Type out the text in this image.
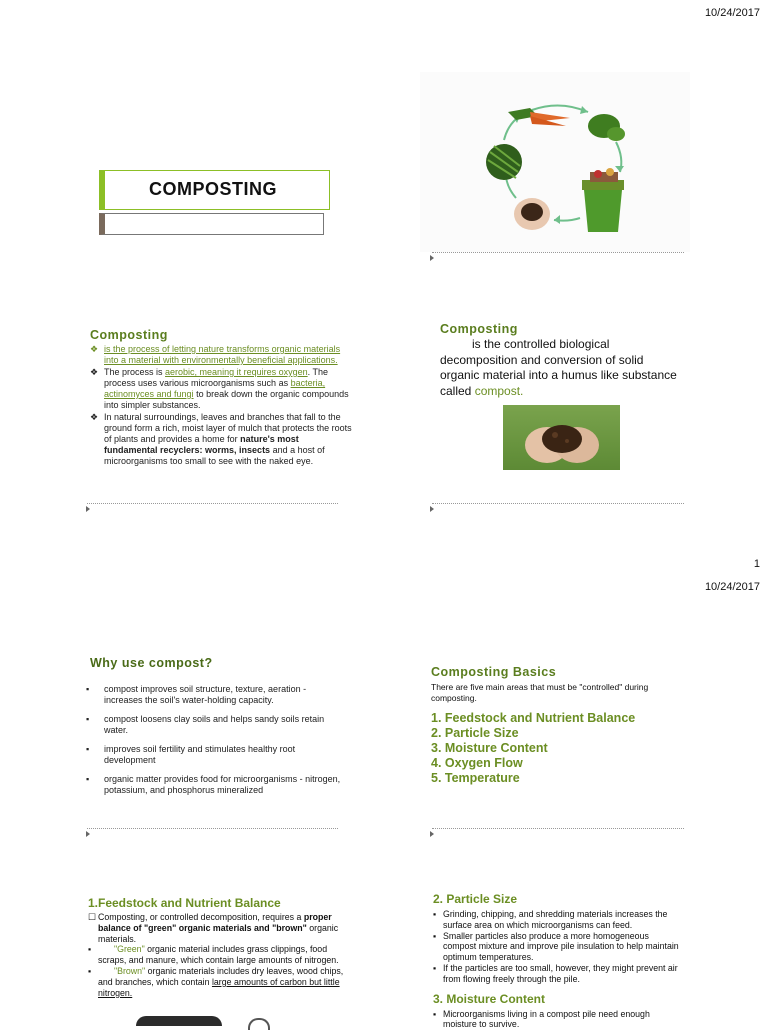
10/24/2017
COMPOSTING
Composting
❖ is the process of letting nature transforms organic materials into a material with environmentally beneficial applications.
❖ The process is aerobic, meaning it requires oxygen. The process uses various microorganisms such as bacteria, actinomyces and fungi to break down the organic compounds into simpler substances.
❖ In natural surroundings, leaves and branches that fall to the ground form a rich, moist layer of mulch that protects the roots of plants and provides a home for nature's most fundamental recyclers: worms, insects and a host of microorganisms too small to see with the naked eye.
Composting
is the controlled biological decomposition and conversion of solid organic material into a humus like substance called compost.
1
10/24/2017
Why use compost?
▪ compost improves soil structure, texture, aeration - increases the soil's water-holding capacity.
▪ compost loosens clay soils and helps sandy soils retain water.
▪ improves soil fertility and stimulates healthy root development
▪ organic matter provides food for microorganisms - nitrogen, potassium, and phosphorus mineralized
Composting Basics
There are five main areas that must be "controlled" during composting.
1. Feedstock and Nutrient Balance
2. Particle Size
3. Moisture Content
4. Oxygen Flow
5. Temperature
1.Feedstock and Nutrient Balance
☐ Composting, or controlled decomposition, requires a proper balance of "green" organic materials and "brown" organic materials.
▪	"Green" organic material includes grass clippings, food scraps, and manure, which contain large amounts of nitrogen.
▪	"Brown" organic materials includes dry leaves, wood chips, and branches, which contain large amounts of carbon but little nitrogen.
2. Particle Size
▪ Grinding, chipping, and shredding materials increases the surface area on which microorganisms can feed.
▪ Smaller particles also produce a more homogeneous compost mixture and improve pile insulation to help maintain optimum temperatures.
▪ If the particles are too small, however, they might prevent air from flowing freely through the pile.
3. Moisture Content
▪ Microorganisms living in a compost pile need enough moisture to survive.
